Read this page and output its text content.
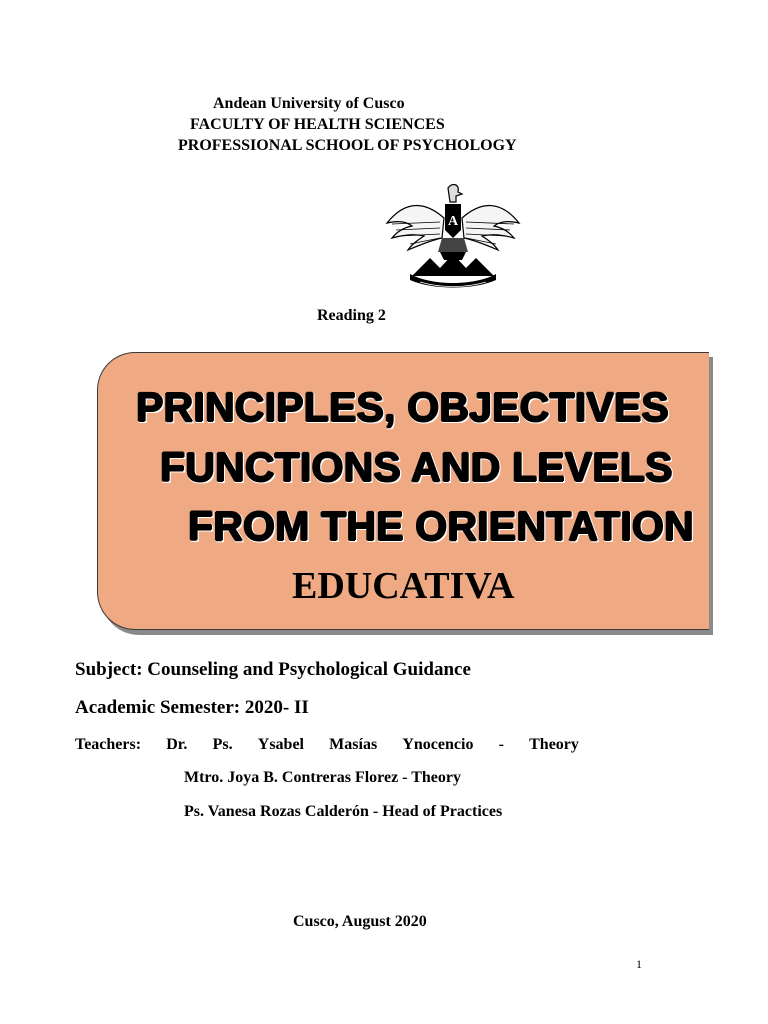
Andean University of Cusco
FACULTY OF HEALTH SCIENCES
PROFESSIONAL SCHOOL OF PSYCHOLOGY
A
Reading 2
PRINCIPLES, OBJECTIVES
FUNCTIONS AND LEVELS
FROM THE ORIENTATION
EDUCATIVA
Subject: Counseling and Psychological Guidance
Academic Semester: 2020- II
Teachers: Dr. Ps. Ysabel Masías Ynocencio - Theory
Mtro. Joya B. Contreras Florez - Theory
Ps. Vanesa Rozas Calderón - Head of Practices
Cusco, August 2020
1
